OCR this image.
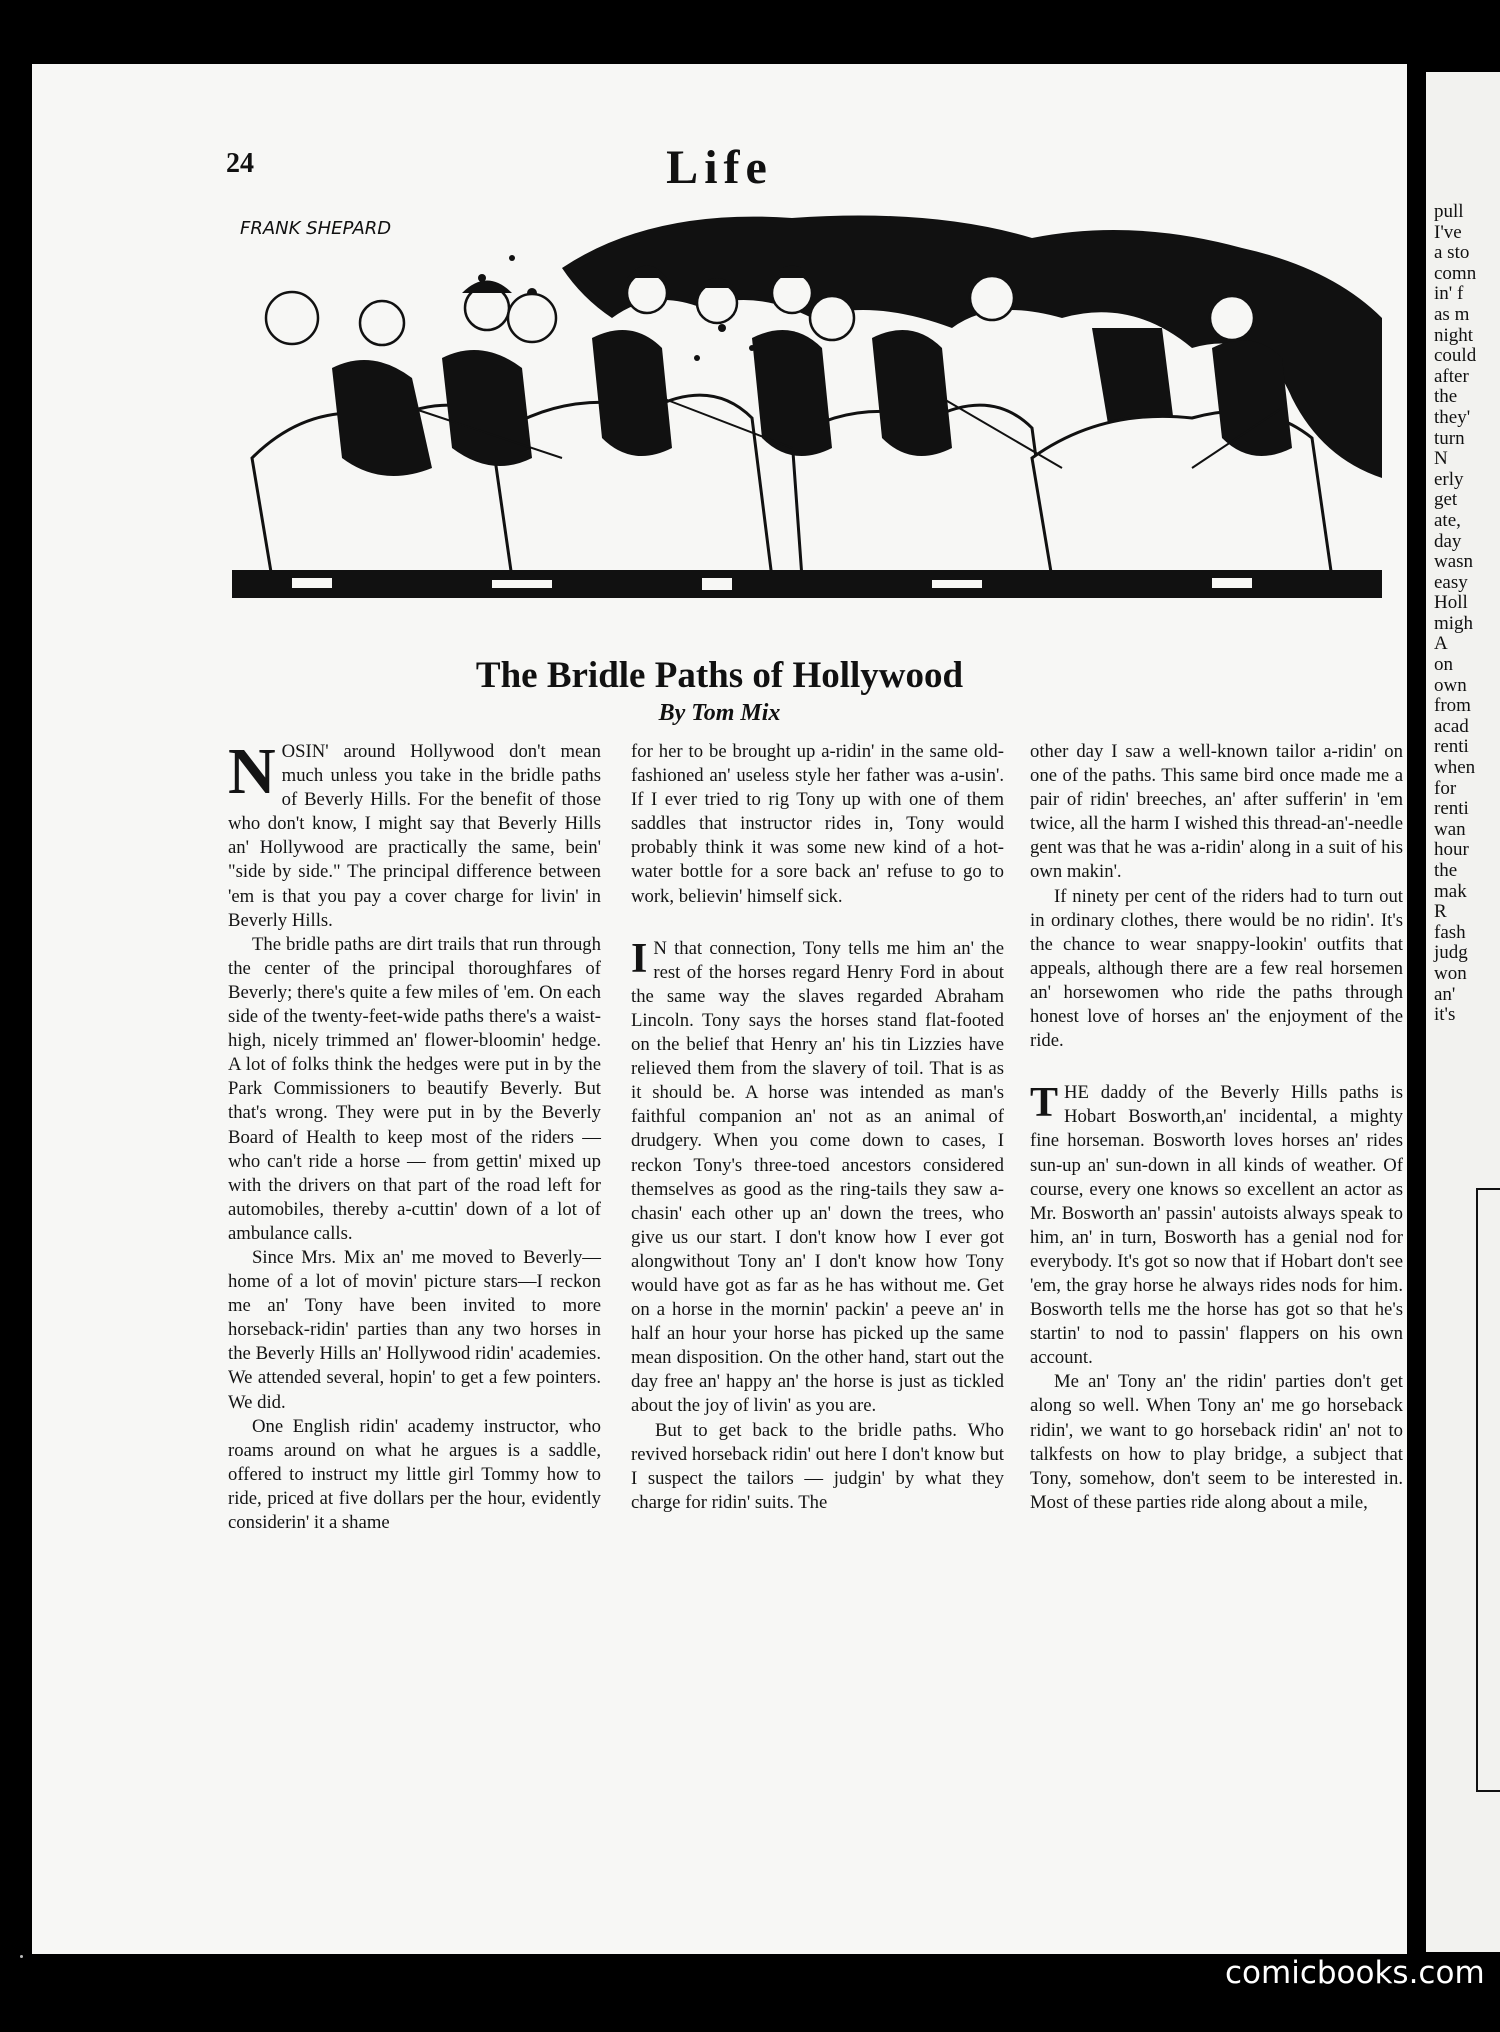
24	Life
FRANK SHEPARD
The Bridle Paths of Hollywood
By Tom Mix

NOSIN' around Hollywood don't mean much unless you take in the bridle paths of Beverly Hills. For the benefit of those who don't know, I might say that Beverly Hills an' Hollywood are practically the same, bein' "side by side." The principal difference between 'em is that you pay a cover charge for livin' in Beverly Hills.

The bridle paths are dirt trails that run through the center of the principal thoroughfares of Beverly; there's quite a few miles of 'em. On each side of the twenty-feet-wide paths there's a waist-high, nicely trimmed an' flower-bloomin' hedge. A lot of folks think the hedges were put in by the Park Commissioners to beautify Beverly. But that's wrong. They were put in by the Beverly Board of Health to keep most of the riders — who can't ride a horse — from gettin' mixed up with the drivers on that part of the road left for automobiles, thereby a-cuttin' down of a lot of ambulance calls.

Since Mrs. Mix an' me moved to Beverly—home of a lot of movin' picture stars—I reckon me an' Tony have been invited to more horseback-ridin' parties than any two horses in the Beverly Hills an' Hollywood ridin' academies. We attended several, hopin' to get a few pointers. We did.

One English ridin' academy instructor, who roams around on what he argues is a saddle, offered to instruct my little girl Tommy how to ride, priced at five dollars per the hour, evidently considerin' it a shame

for her to be brought up a-ridin' in the same old-fashioned an' useless style her father was a-usin'. If I ever tried to rig Tony up with one of them saddles that instructor rides in, Tony would probably think it was some new kind of a hot-water bottle for a sore back an' refuse to go to work, believin' himself sick.

I N that connection, Tony tells me him an' the rest of the horses regard Henry Ford in about the same way the slaves regarded Abraham Lincoln. Tony says the horses stand flat-footed on the belief that Henry an' his tin Lizzies have relieved them from the slavery of toil. That is as it should be. A horse was intended as man's faithful companion an' not as an animal of drudgery. When you come down to cases, I reckon Tony's three-toed ancestors considered themselves as good as the ring-tails they saw a-chasin' each other up an' down the trees, who give us our start. I don't know how I ever got alongwithout Tony an' I don't know how Tony would have got as far as he has without me. Get on a horse in the mornin' packin' a peeve an' in half an hour your horse has picked up the same mean disposition. On the other hand, start out the day free an' happy an' the horse is just as tickled about the joy of livin' as you are.

But to get back to the bridle paths. Who revived horseback ridin' out here I don't know but I suspect the tailors — judgin' by what they charge for ridin' suits. The

other day I saw a well-known tailor a-ridin' on one of the paths. This same bird once made me a pair of ridin' breeches, an' after sufferin' in 'em twice, all the harm I wished this thread-an'-needle gent was that he was a-ridin' along in a suit of his own makin'.

If ninety per cent of the riders had to turn out in ordinary clothes, there would be no ridin'. It's the chance to wear snappy-lookin' outfits that appeals, although there are a few real horsemen an' horsewomen who ride the paths through honest love of horses an' the enjoyment of the ride.

THE daddy of the Beverly Hills paths is Hobart Bosworth,an' incidental, a mighty fine horseman. Bosworth loves horses an' rides sun-up an' sun-down in all kinds of weather. Of course, every one knows so excellent an actor as Mr. Bosworth an' passin' autoists always speak to him, an' in turn, Bosworth has a genial nod for everybody. It's got so now that if Hobart don't see 'em, the gray horse he always rides nods for him. Bosworth tells me the horse has got so that he's startin' to nod to passin' flappers on his own account.

Me an' Tony an' the ridin' parties don't get along so well. When Tony an' me go horseback ridin', we want to go horseback ridin' an' not to talkfests on how to play bridge, a subject that Tony, somehow, don't seem to be interested in. Most of these parties ride along about a mile,

pull
I've
a sto
comn
in' f
as m
night
could
after
the
they'
turn
N
erly
get
ate,
day
wasn
easy
Holl
migh
A
on
own
from
acad
renti
when
for
renti
wan
hour
the
mak
R
fash
judg
won
an'
it's
comicbooks.com
